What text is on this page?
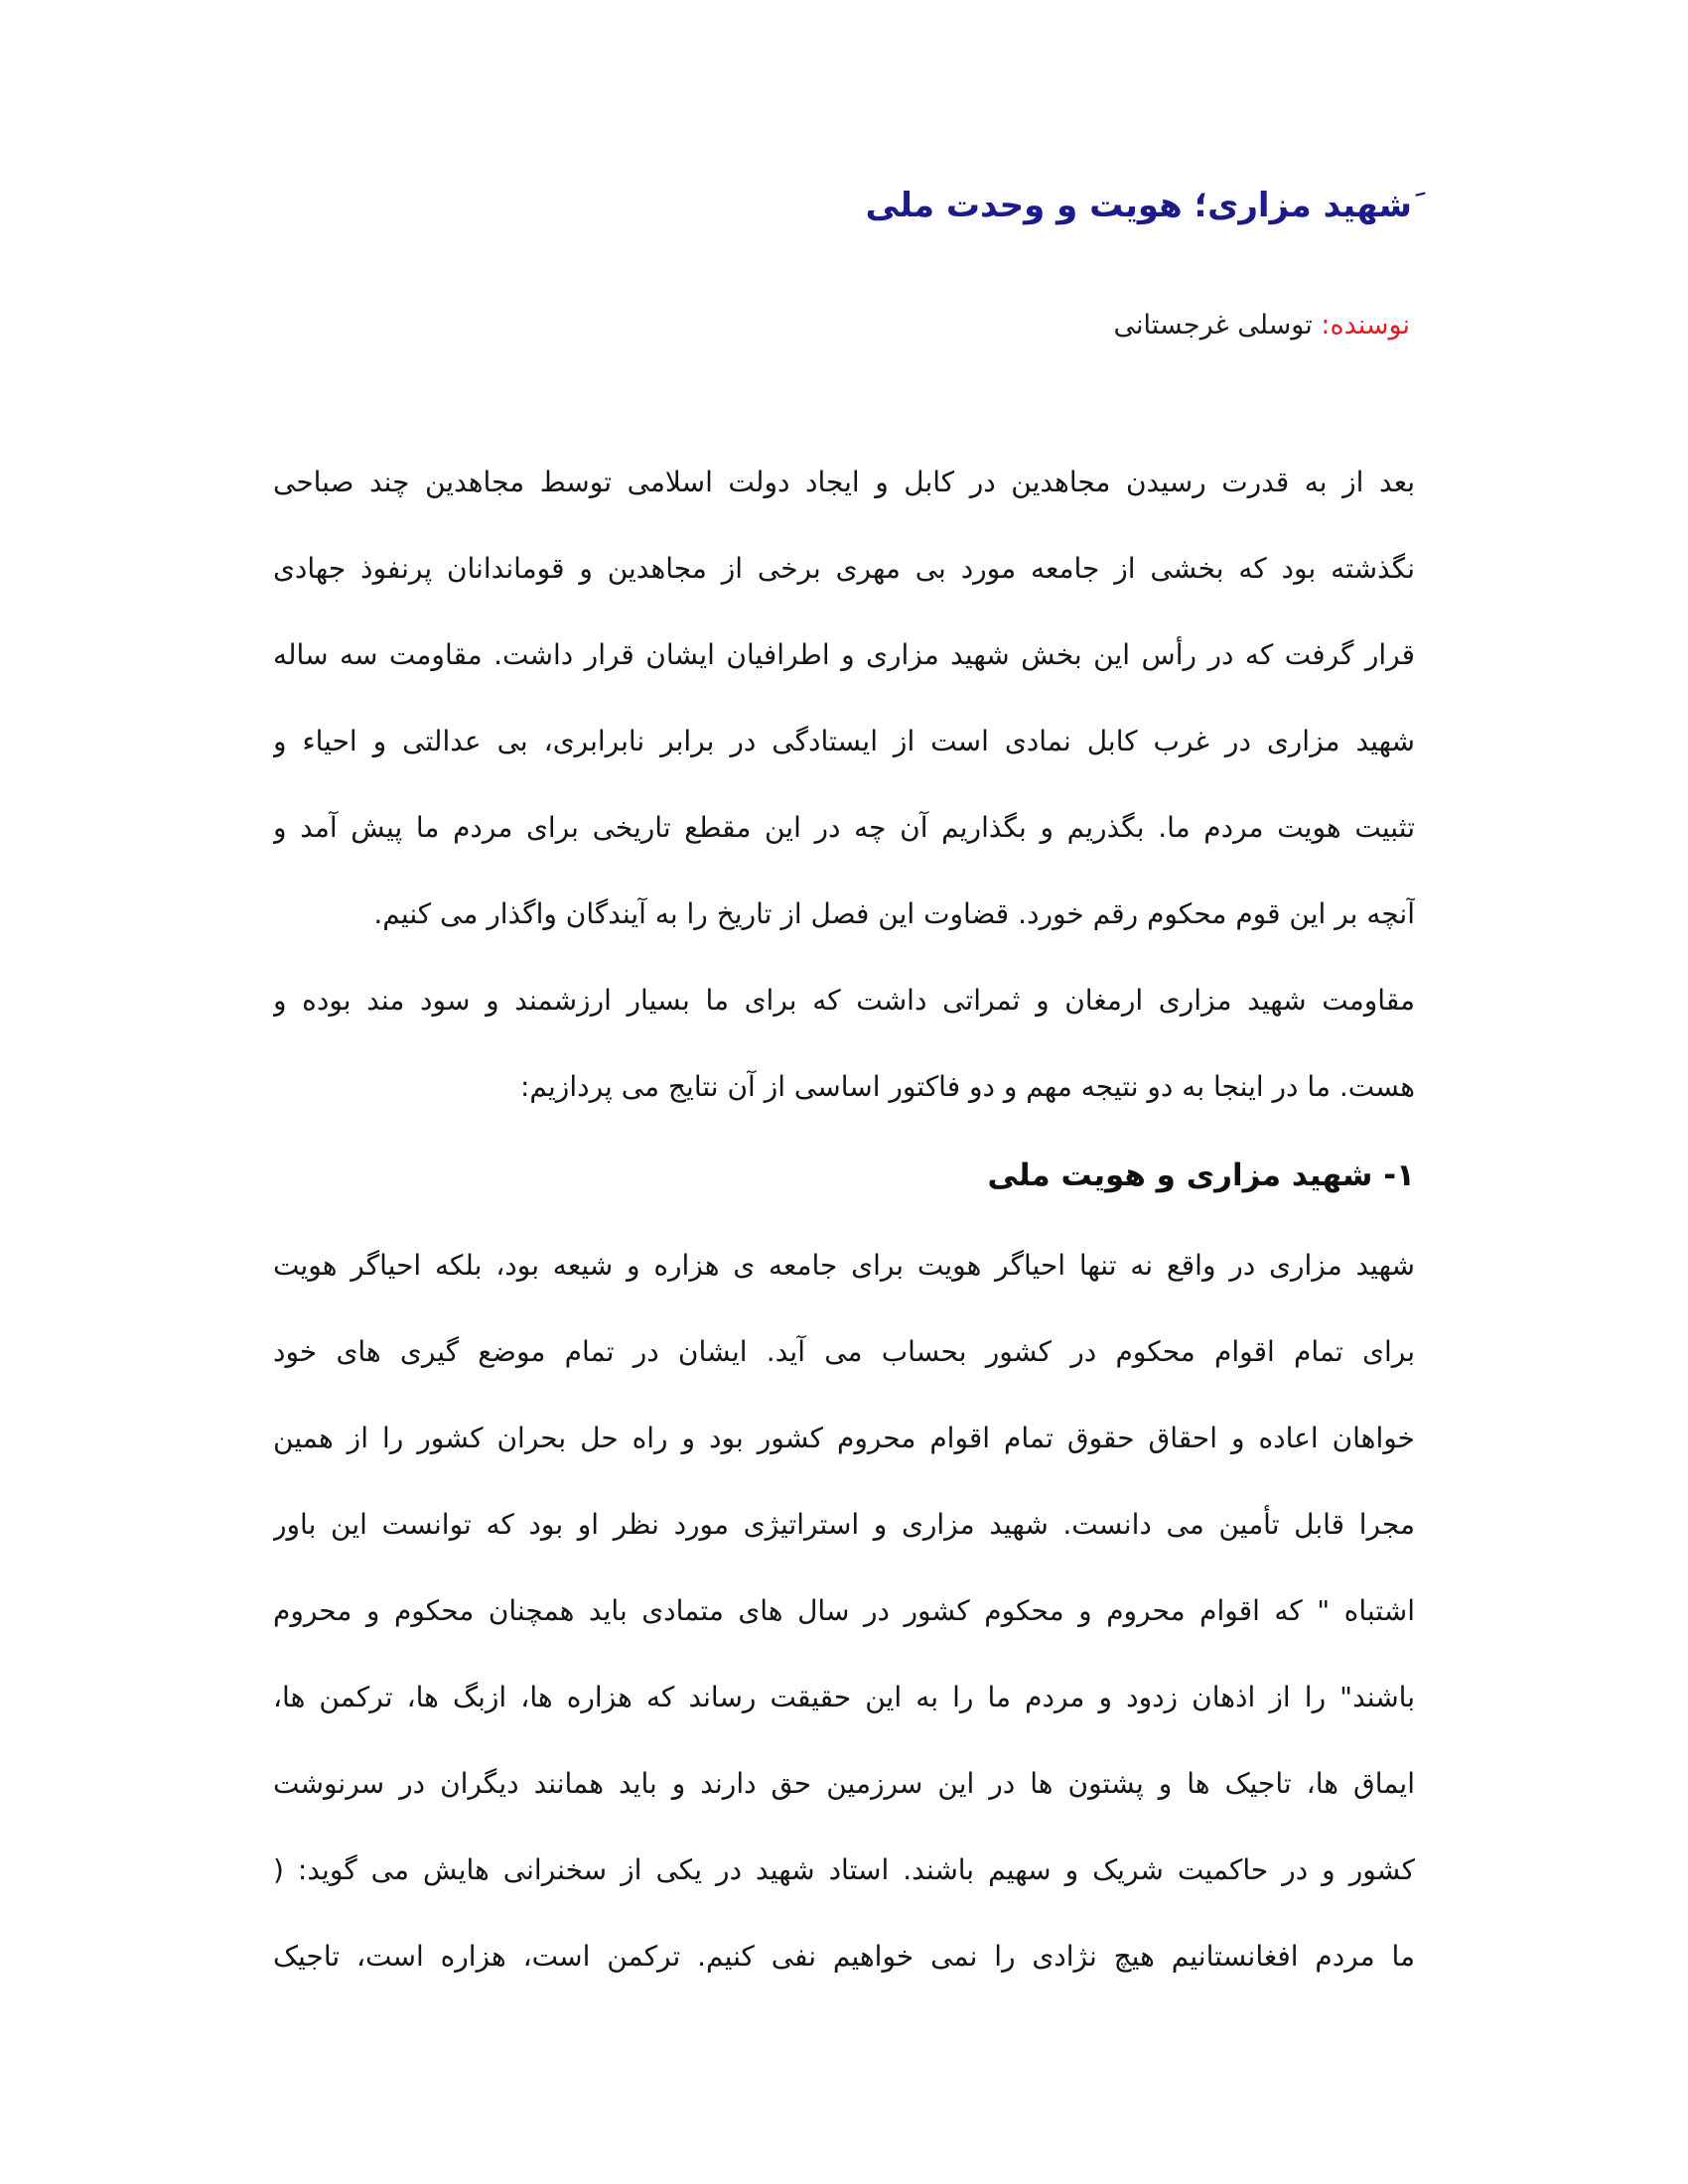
َشهید مزاری؛ هویت و وحدت ملی
نوسنده: توسلی غرجستانی
بعد از به قدرت رسیدن مجاهدین در کابل و ایجاد دولت اسلامی توسط مجاهدین چند صباحی
نگذشته بود که بخشی از جامعه مورد بی مهری برخی از مجاهدین و قوماندانان پرنفوذ جهادی
قرار گرفت که در رأس این بخش شهید مزاری و اطرافیان ایشان قرار داشت. مقاومت سه ساله
شهید مزاری در غرب کابل نمادی است از ایستادگی در برابر نابرابری، بی عدالتی و احیاء و
تثبیت هویت مردم ما. بگذریم و بگذاریم آن چه در این مقطع تاریخی برای مردم ما پیش آمد و
آنچه بر این قوم محکوم رقم خورد. قضاوت این فصل از تاریخ را به آیندگان واگذار می کنیم.
مقاومت شهید مزاری ارمغان و ثمراتی داشت که برای ما بسیار ارزشمند و سود مند بوده و
هست. ما در اینجا به دو نتیجه مهم و دو فاکتور اساسی از آن نتایج می پردازیم:
۱- شهید مزاری و هویت ملی
شهید مزاری در واقع نه تنها احیاگر هویت برای جامعه ی هزاره و شیعه بود، بلکه احیاگر هویت
برای تمام اقوام محکوم در کشور بحساب می آید. ایشان در تمام موضع گیری های خود
خواهان اعاده و احقاق حقوق تمام اقوام محروم کشور بود و راه حل بحران کشور را از همین
مجرا قابل تأمین می دانست. شهید مزاری و استراتیژی مورد نظر او بود که توانست این باور
اشتباه " که اقوام محروم و محکوم کشور در سال های متمادی باید همچنان محکوم و محروم
باشند" را از اذهان زدود و مردم ما را به این حقیقت رساند که هزاره ها، ازبگ ها، ترکمن ها،
ایماق ها، تاجیک ها و پشتون ها در این سرزمین حق دارند و باید همانند دیگران در سرنوشت
کشور و در حاکمیت شریک و سهیم باشند. استاد شهید در یکی از سخنرانی هایش می گوید: (
ما مردم افغانستانیم هیچ نژادی را نمی خواهیم نفی کنیم. ترکمن است، هزاره است، تاجیک
